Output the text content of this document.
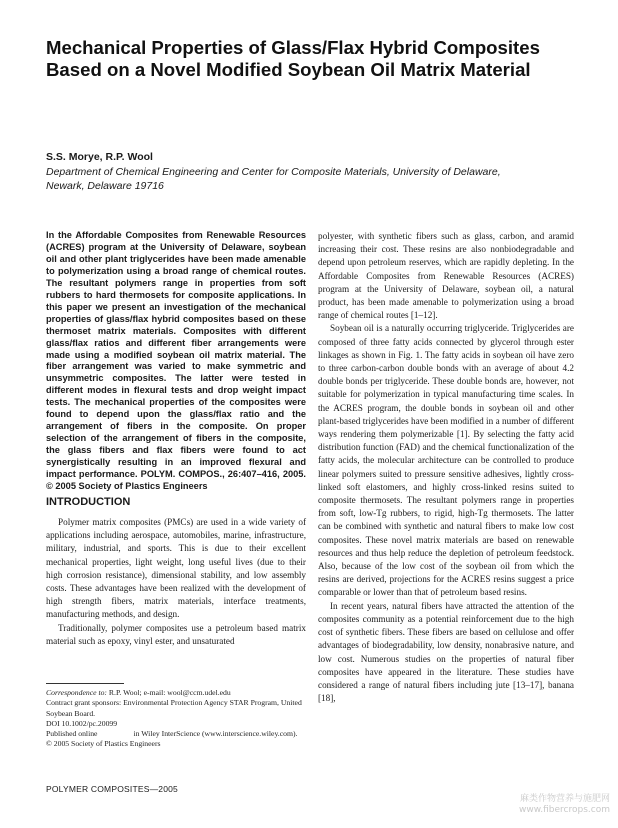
Mechanical Properties of Glass/Flax Hybrid Composites Based on a Novel Modified Soybean Oil Matrix Material

S.S. Morye, R.P. Wool

Department of Chemical Engineering and Center for Composite Materials, University of Delaware, Newark, Delaware 19716

In the Affordable Composites from Renewable Resources (ACRES) program at the University of Delaware, soybean oil and other plant triglycerides have been made amenable to polymerization using a broad range of chemical routes. The resultant polymers range in properties from soft rubbers to hard thermosets for composite applications. In this paper we present an investigation of the mechanical properties of glass/flax hybrid composites based on these thermoset matrix materials. Composites with different glass/flax ratios and different fiber arrangements were made using a modified soybean oil matrix material. The fiber arrangement was varied to make symmetric and unsymmetric composites. The latter were tested in different modes in flexural tests and drop weight impact tests. The mechanical properties of the composites were found to depend upon the glass/flax ratio and the arrangement of fibers in the composite. On proper selection of the arrangement of fibers in the composite, the glass fibers and flax fibers were found to act synergistically resulting in an improved flexural and impact performance. POLYM. COMPOS., 26:407–416, 2005. © 2005 Society of Plastics Engineers

INTRODUCTION

Polymer matrix composites (PMCs) are used in a wide variety of applications including aerospace, automobiles, marine, infrastructure, military, industrial, and sports. This is due to their excellent mechanical properties, light weight, long useful lives (due to their high corrosion resistance), dimensional stability, and low assembly costs. These advantages have been realized with the development of high strength fibers, matrix materials, interface treatments, manufacturing methods, and design.

Traditionally, polymer composites use a petroleum based matrix material such as epoxy, vinyl ester, and unsaturated

polyester, with synthetic fibers such as glass, carbon, and aramid increasing their cost. These resins are also nonbiodegradable and depend upon petroleum reserves, which are rapidly depleting. In the Affordable Composites from Renewable Resources (ACRES) program at the University of Delaware, soybean oil, a natural product, has been made amenable to polymerization using a broad range of chemical routes [1–12].

Soybean oil is a naturally occurring triglyceride. Triglycerides are composed of three fatty acids connected by glycerol through ester linkages as shown in Fig. 1. The fatty acids in soybean oil have zero to three carbon-carbon double bonds with an average of about 4.2 double bonds per triglyceride. These double bonds are, however, not suitable for polymerization in typical manufacturing time scales. In the ACRES program, the double bonds in soybean oil and other plant-based triglycerides have been modified in a number of different ways rendering them polymerizable [1]. By selecting the fatty acid distribution function (FAD) and the chemical functionalization of the fatty acids, the molecular architecture can be controlled to produce linear polymers suited to pressure sensitive adhesives, lightly cross-linked soft elastomers, and highly cross-linked resins suited to composite thermosets. The resultant polymers range in properties from soft, low-Tg rubbers, to rigid, high-Tg thermosets. The latter can be combined with synthetic and natural fibers to make low cost composites. These novel matrix materials are based on renewable resources and thus help reduce the depletion of petroleum feedstock. Also, because of the low cost of the soybean oil from which the resins are derived, projections for the ACRES resins suggest a price comparable or lower than that of petroleum based resins.

In recent years, natural fibers have attracted the attention of the composites community as a potential reinforcement due to the high cost of synthetic fibers. These fibers are based on cellulose and offer advantages of biodegradability, low density, nonabrasive nature, and low cost. Numerous studies on the properties of natural fiber composites have appeared in the literature. These studies have considered a range of natural fibers including jute [13–17], banana [18],

Correspondence to: R.P. Wool; e-mail: wool@ccm.udel.edu
Contract grant sponsors: Environmental Protection Agency STAR Program, United Soybean Board.
DOI 10.1002/pc.20099
Published online	in Wiley InterScience (www.interscience.wiley.com).
© 2005 Society of Plastics Engineers

POLYMER COMPOSITES—2005

麻类作物营养与施肥网
www.fibercrops.com
